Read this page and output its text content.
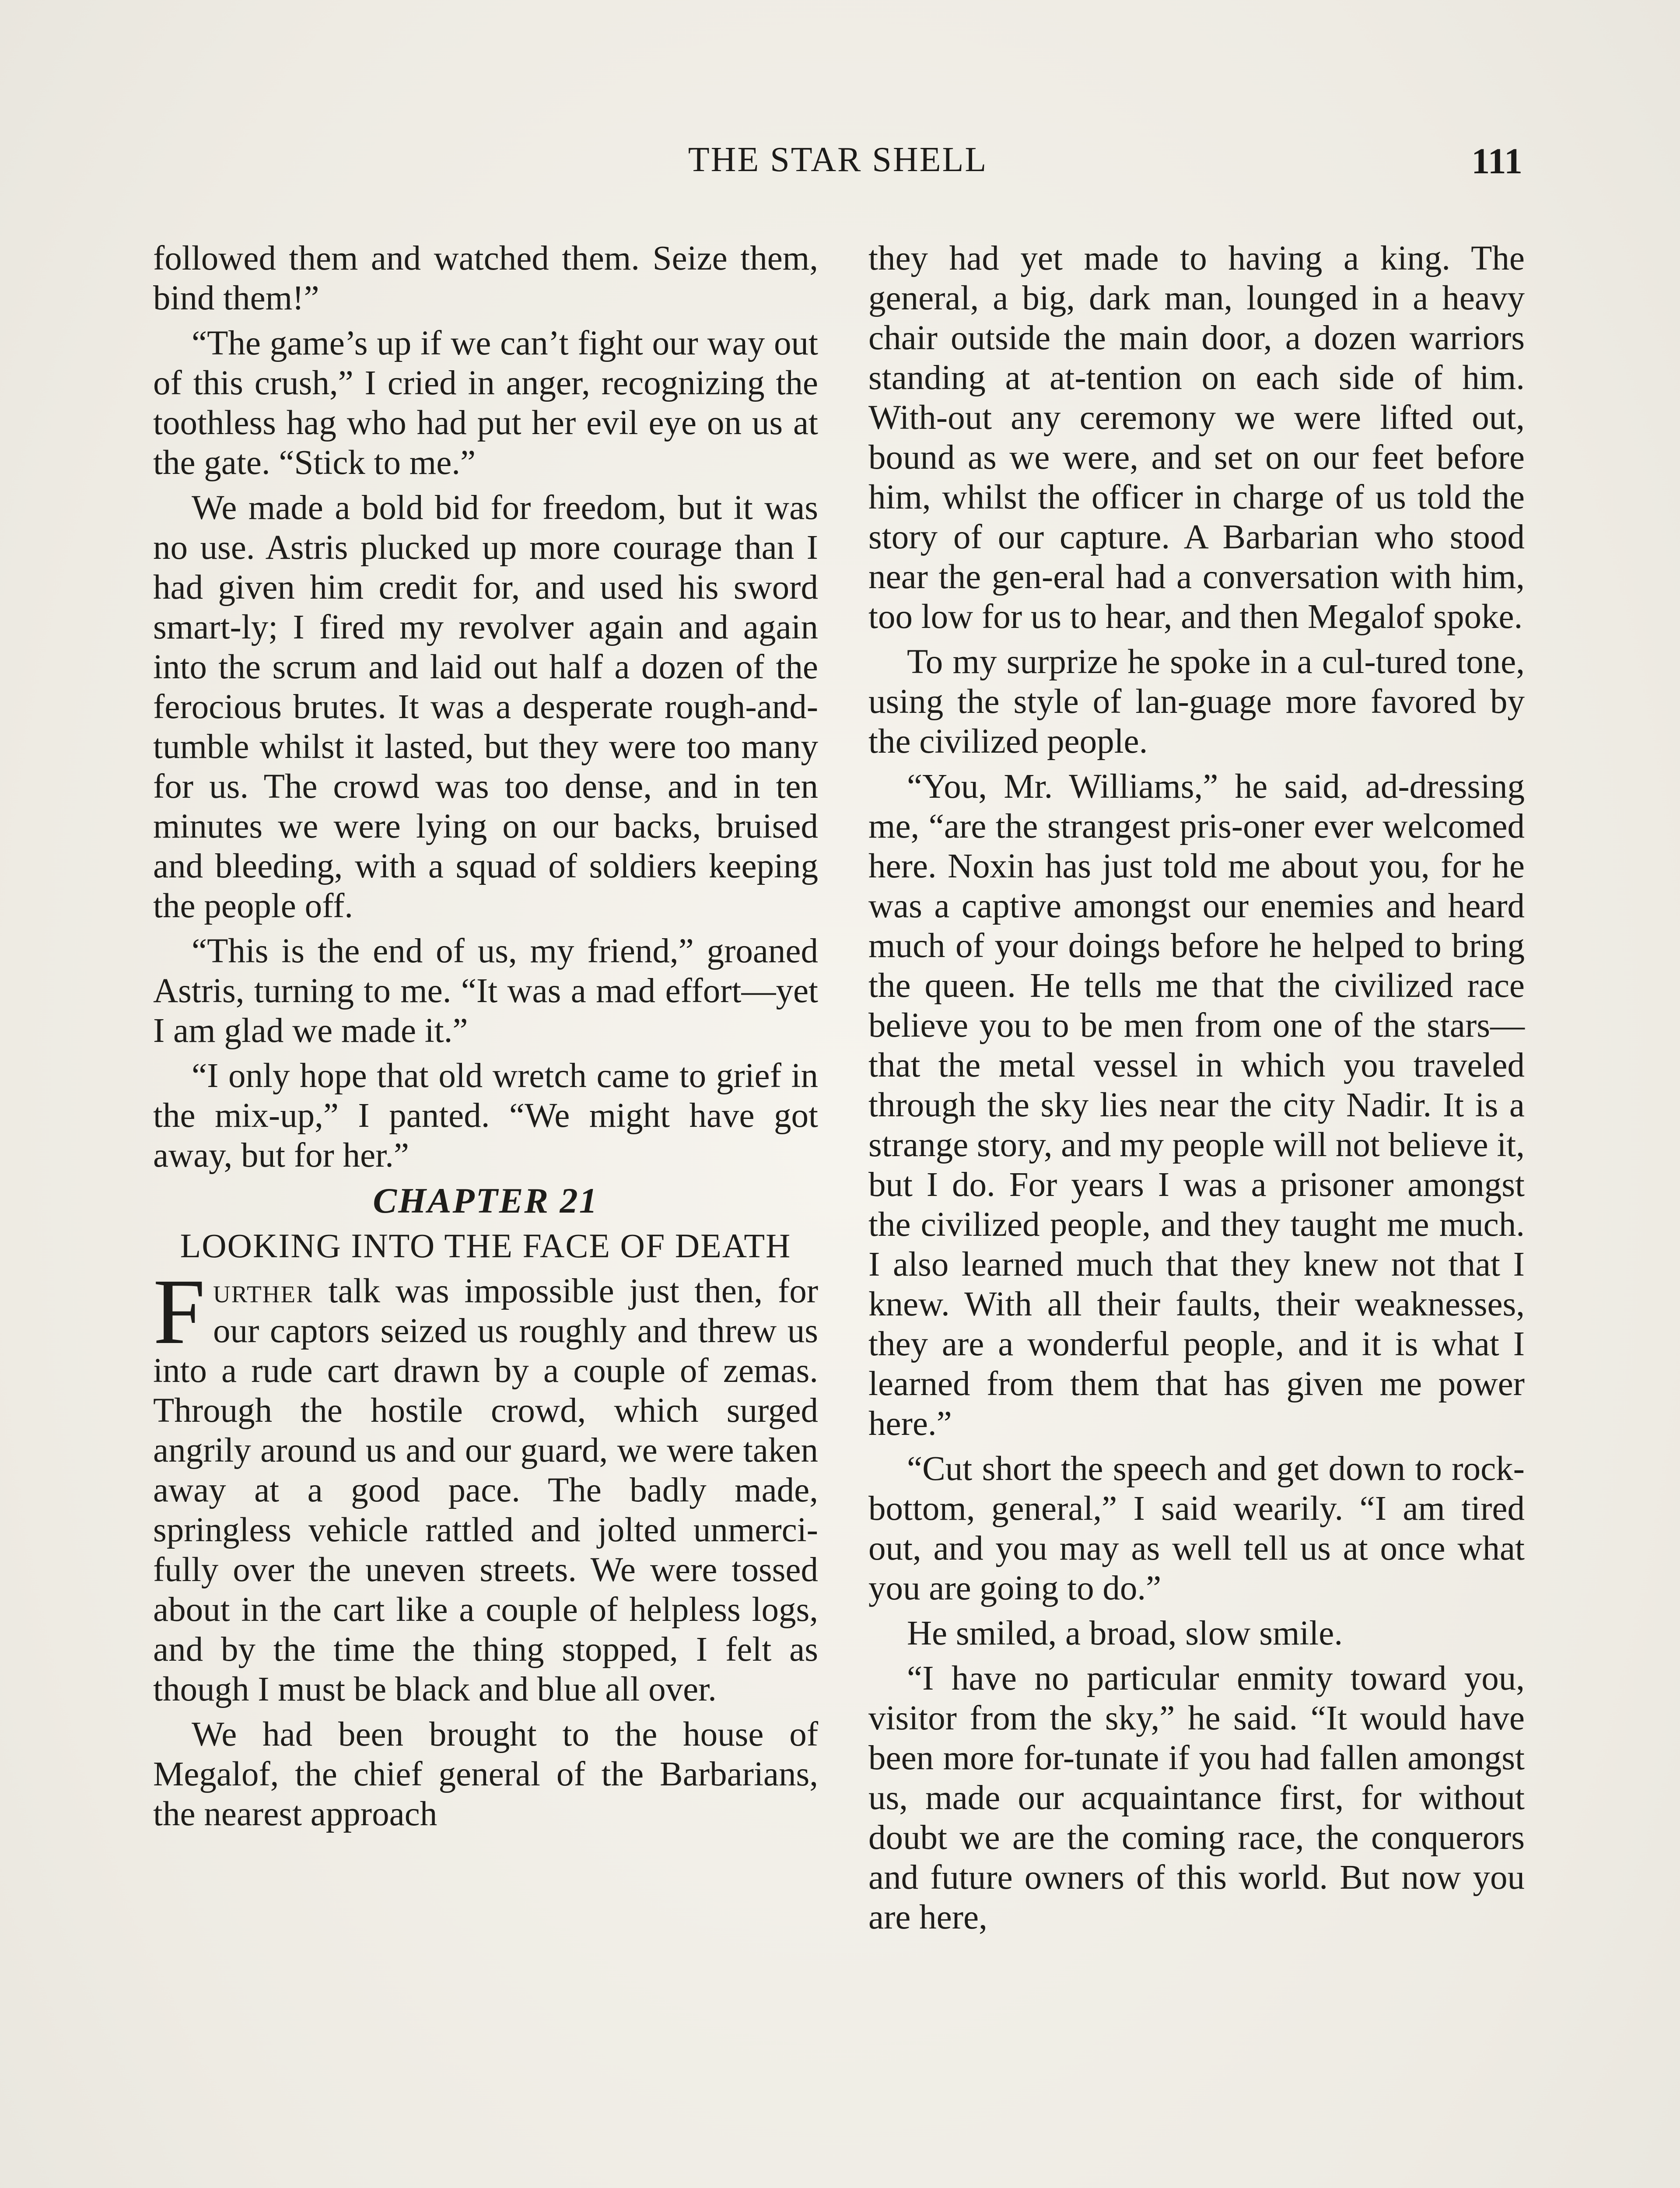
THE STAR SHELL	111

followed them and watched them. Seize them, bind them!”

“The game’s up if we can’t fight our way out of this crush,” I cried in anger, recognizing the toothless hag who had put her evil eye on us at the gate. “Stick to me.”

We made a bold bid for freedom, but it was no use. Astris plucked up more courage than I had given him credit for, and used his sword smart-ly; I fired my revolver again and again into the scrum and laid out half a dozen of the ferocious brutes. It was a desperate rough-and-tumble whilst it lasted, but they were too many for us. The crowd was too dense, and in ten minutes we were lying on our backs, bruised and bleeding, with a squad of soldiers keeping the people off.

“This is the end of us, my friend,” groaned Astris, turning to me. “It was a mad effort—yet I am glad we made it.”

“I only hope that old wretch came to grief in the mix-up,” I panted. “We might have got away, but for her.”

CHAPTER 21

LOOKING INTO THE FACE OF DEATH

Further talk was impossible just then, for our captors seized us roughly and threw us into a rude cart drawn by a couple of zemas. Through the hostile crowd, which surged angrily around us and our guard, we were taken away at a good pace. The badly made, springless vehicle rattled and jolted unmerci-fully over the uneven streets. We were tossed about in the cart like a couple of helpless logs, and by the time the thing stopped, I felt as though I must be black and blue all over.

We had been brought to the house of Megalof, the chief general of the Barbarians, the nearest approach

they had yet made to having a king. The general, a big, dark man, lounged in a heavy chair outside the main door, a dozen warriors standing at at-tention on each side of him. With-out any ceremony we were lifted out, bound as we were, and set on our feet before him, whilst the officer in charge of us told the story of our capture. A Barbarian who stood near the gen-eral had a conversation with him, too low for us to hear, and then Megalof spoke.

To my surprize he spoke in a cul-tured tone, using the style of lan-guage more favored by the civilized people.

“You, Mr. Williams,” he said, ad-dressing me, “are the strangest pris-oner ever welcomed here. Noxin has just told me about you, for he was a captive amongst our enemies and heard much of your doings before he helped to bring the queen. He tells me that the civilized race believe you to be men from one of the stars—that the metal vessel in which you traveled through the sky lies near the city Nadir. It is a strange story, and my people will not believe it, but I do. For years I was a prisoner amongst the civilized people, and they taught me much. I also learned much that they knew not that I knew. With all their faults, their weaknesses, they are a wonderful people, and it is what I learned from them that has given me power here.”

“Cut short the speech and get down to rock-bottom, general,” I said wearily. “I am tired out, and you may as well tell us at once what you are going to do.”

He smiled, a broad, slow smile.

“I have no particular enmity toward you, visitor from the sky,” he said. “It would have been more for-tunate if you had fallen amongst us, made our acquaintance first, for without doubt we are the coming race, the conquerors and future owners of this world. But now you are here,
